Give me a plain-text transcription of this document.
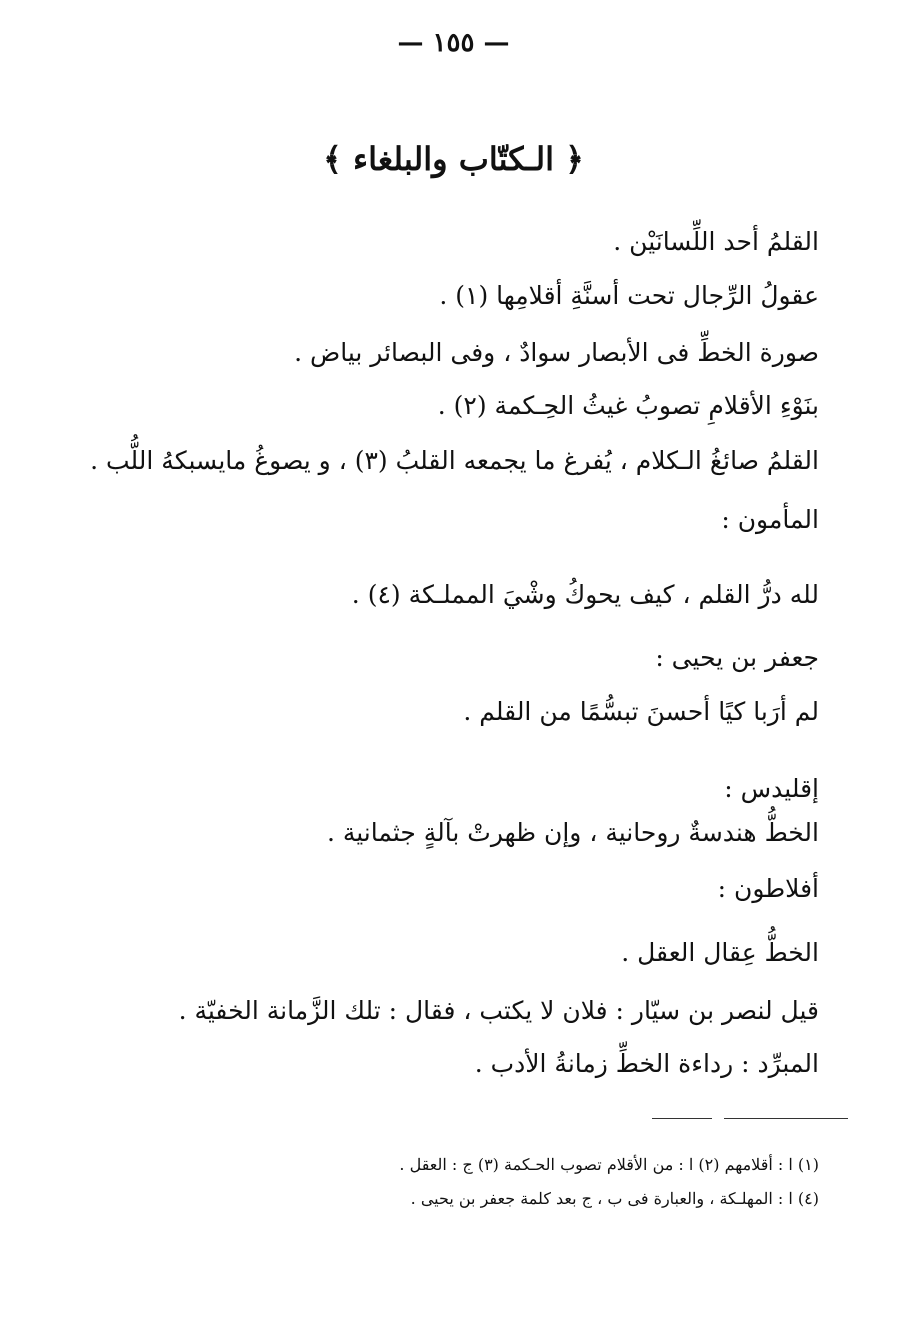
— ١٥٥ —
﴿ الـكتّاب والبلغاء ﴾
القلمُ أحد اللِّسانَيْن .
عقولُ الرِّجال تحت أسنَّةِ أقلامِها (١) .
صورة الخطِّ فى الأبصار سوادٌ ، وفى البصائر بياض .
بنَوْءِ الأقلامِ تصوبُ غيثُ الحِـكمة (٢) .
القلمُ صائغُ الـكلام ، يُفرغ ما يجمعه القلبُ (٣) ، و يصوغُ مايسبكهُ اللُّب .
المأمون :
لله درُّ القلم ، كيف يحوكُ وشْيَ المملـكة (٤) .
جعفر بن يحيى :
لم أرَبا كيًا أحسنَ تبسُّمًا من القلم .
إقليدس :
الخطُّ هندسةٌ روحانية ، وإن ظهرتْ بآلةٍ جثمانية .
أفلاطون :
الخطُّ عِقال العقل .
قيل لنصر بن سيّار : فلان لا يكتب ، فقال : تلك الزَّمانة الخفيّة .
المبرِّد : رداءة الخطِّ زمانةُ الأدب .
(١) ا : أقلامهم (٢) ا : من الأقلام تصوب الحـكمة (٣) ج : العقل .
(٤) ا : المهلـكة ، والعبارة فى ب ، ج بعد كلمة جعفر بن يحيى .
